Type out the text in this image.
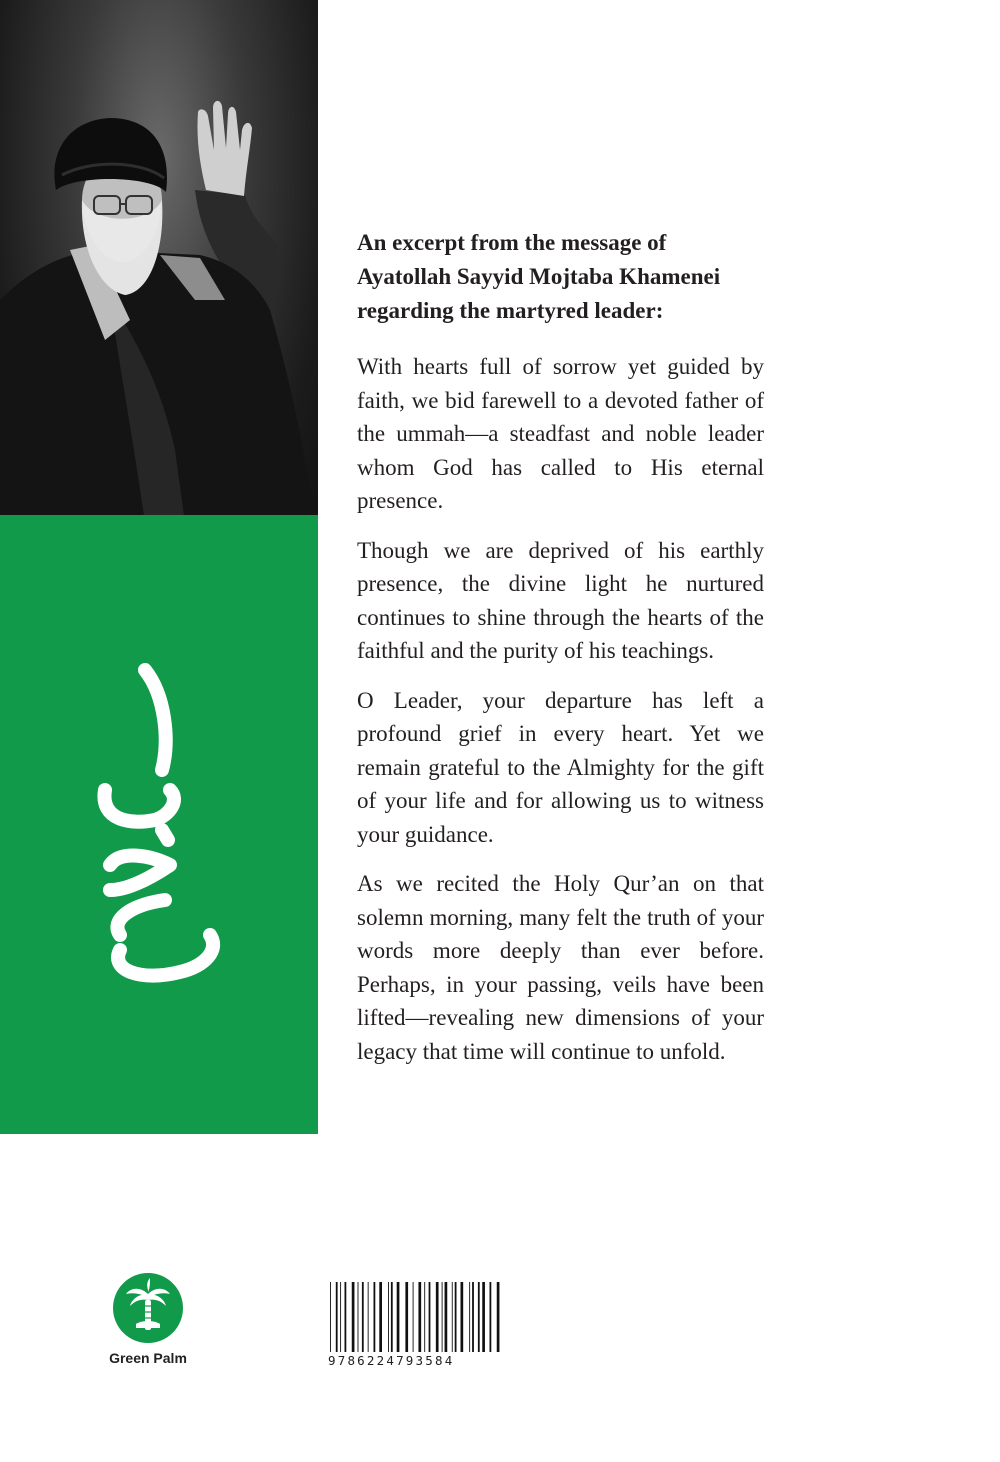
An excerpt from the message of
Ayatollah Sayyid Mojtaba Khamenei
regarding the martyred leader:

With hearts full of sorrow yet guided by faith, we bid farewell to a devoted father of the ummah—a steadfast and noble leader whom God has called to His eternal presence.

Though we are deprived of his earthly presence, the divine light he nurtured continues to shine through the hearts of the faithful and the purity of his teachings.

O Leader, your departure has left a profound grief in every heart. Yet we remain grateful to the Almighty for the gift of your life and for allowing us to witness your guidance.

As we recited the Holy Qur’an on that solemn morning, many felt the truth of your words more deeply than ever before. Perhaps, in your passing, veils have been lifted—revealing new dimensions of your legacy that time will continue to unfold.

Green Palm	9786224793584
